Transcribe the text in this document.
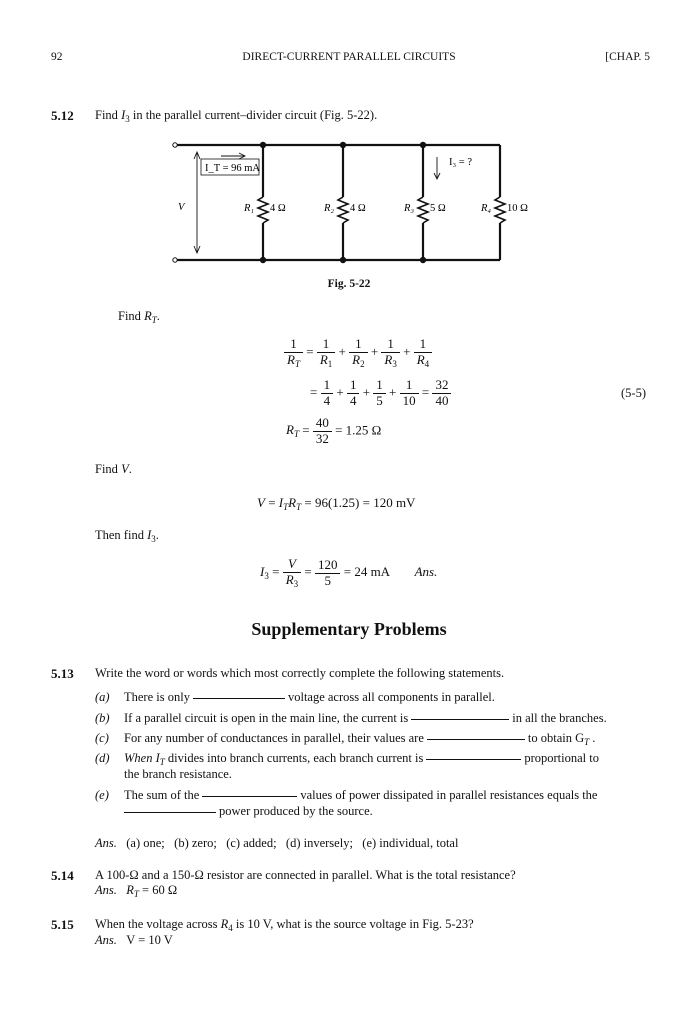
92	DIRECT-CURRENT PARALLEL CIRCUITS	[CHAP. 5
5.12 Find $I_3$ in the parallel current–divider circuit (Fig. 5-22).
I_T = 96 mA
I₃ = ?
V	R₁ 4 Ω	R₂ 4 Ω	R₃ 5 Ω	R₄ 10 Ω
Fig. 5-22
Find $R_T$.
$\frac{1}{R_T} = \frac{1}{R_1} + \frac{1}{R_2} + \frac{1}{R_3} + \frac{1}{R_4}$
= $\frac{1}{4} + \frac{1}{4} + \frac{1}{5} + \frac{1}{10} = \frac{32}{40}$	(5-5)
$R_T = \frac{40}{32} = 1.25$ Ω
Find V.
$V = I_TR_T = 96(1.25) = 120$ mV
Then find $I_3$.
$I_3 = \frac{V}{R_3} = \frac{120}{5} = 24$ mA Ans.
Supplementary Problems
5.13 Write the word or words which most correctly complete the following statements.
(a) There is only	voltage across all components in parallel.
(b) If a parallel circuit is open in the main line, the current is	in all the branches.
(c) For any number of conductances in parallel, their values are	to obtain $G_T$ .
(d) When $I_T$ divides into branch currents, each branch current is	proportional to
the branch resistance.
(e) The sum of the	values of power dissipated in parallel resistances equals the
power produced by the source.
Ans. (a) one; (b) zero; (c) added; (d) inversely; (e) individual, total
5.14 A 100-Ω and a 150-Ω resistor are connected in parallel. What is the total resistance?
Ans. $R_T = 60$ Ω
5.15 When the voltage across $R_4$ is 10 V, what is the source voltage in Fig. 5-23?
Ans. V = 10 V
